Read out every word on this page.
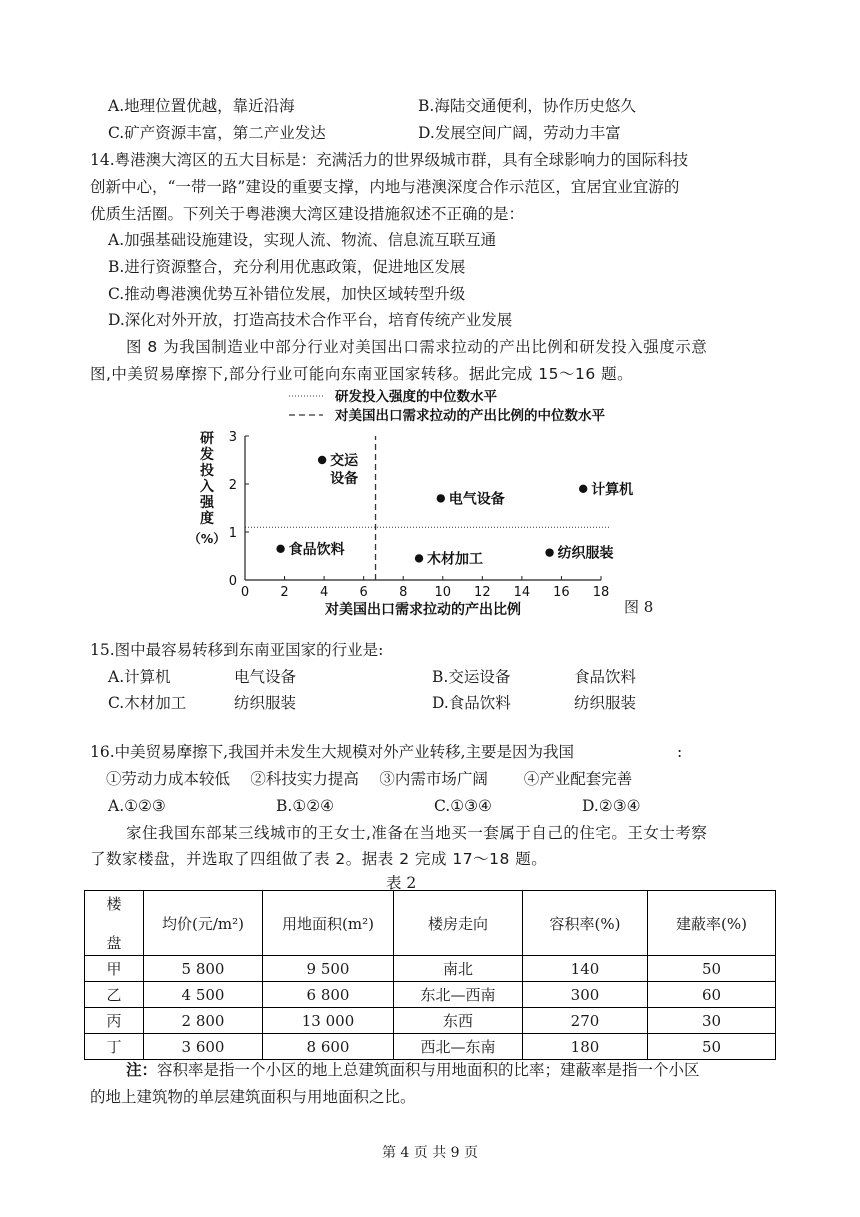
A.地理位置优越，靠近沿海	B.海陆交通便利，协作历史悠久
C.矿产资源丰富，第二产业发达	D.发展空间广阔，劳动力丰富
14.粤港澳大湾区的五大目标是：充满活力的世界级城市群，具有全球影响力的国际科技
创新中心，“一带一路”建设的重要支撑，内地与港澳深度合作示范区，宜居宜业宜游的
优质生活圈。下列关于粤港澳大湾区建设措施叙述不正确的是：
A.加强基础设施建设，实现人流、物流、信息流互联互通
B.进行资源整合，充分利用优惠政策，促进地区发展
C.推动粤港澳优势互补错位发展，加快区域转型升级
D.深化对外开放，打造高技术合作平台，培育传统产业发展
图 8 为我国制造业中部分行业对美国出口需求拉动的产出比例和研发投入强度示意
图,中美贸易摩擦下,部分行业可能向东南亚国家转移。据此完成 15～16 题。
研发投入强度的中位数水平
对美国出口需求拉动的产出比例的中位数水平
0 2 4 6 8 10 12 14 16 18
0
1
2
3
对美国出口需求拉动的产出比例
研
发
投
入
强
度
（%）
交运
设备
电气设备
计算机
食品饮料
木材加工	纺织服装
图 8
15.图中最容易转移到东南亚国家的行业是:
A.计算机	电气设备	B.交运设备	食品饮料
C.木材加工	纺织服装	D.食品饮料	纺织服装
16.中美贸易摩擦下,我国并未发生大规模对外产业转移,主要是因为我国	:
①劳动力成本较低　 ②科技实力提高　 ③内需市场广阔　　 ④产业配套完善
A.①②③	B.①②④	C.①③④	D.②③④
家住我国东部某三线城市的王女士,准备在当地买一套属于自己的住宅。王女士考察
了数家楼盘，并选取了四组做了表 2。据表 2 完成 17～18 题。
表 2
楼

盘	均价(元/m²)	用地面积(m²)	楼房走向	容积率(%)	建蔽率(%)
甲	5 800	9 500	南北	140	50
乙	4 500	6 800	东北—西南	300	60
丙	2 800	13 000	东西	270	30
丁	3 600	8 600	西北—东南	180	50
注：容积率是指一个小区的地上总建筑面积与用地面积的比率；建蔽率是指一个小区
的地上建筑物的单层建筑面积与用地面积之比。
第 4 页 共 9 页
